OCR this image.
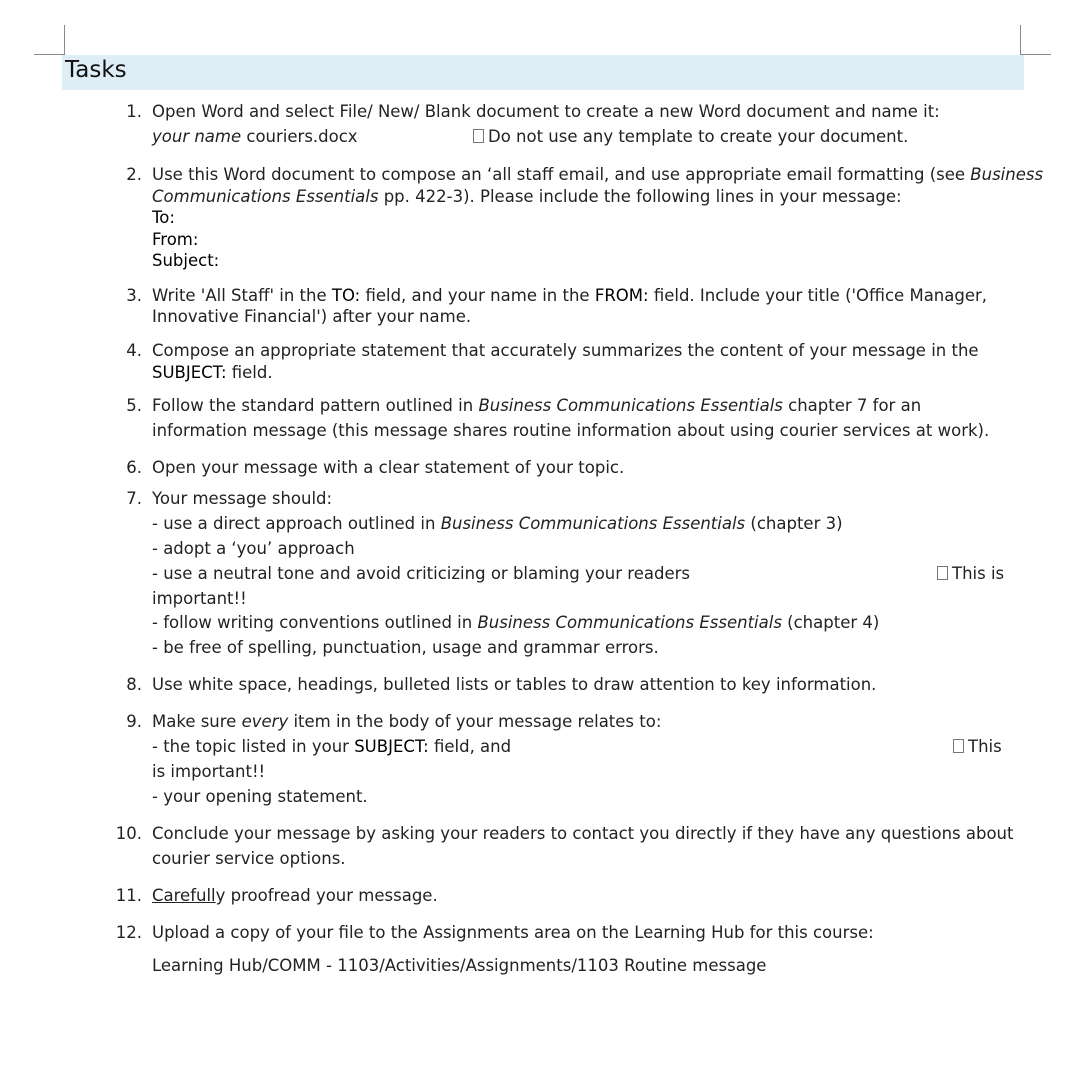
Tasks
1. Open Word and select File/ New/ Blank document to create a new Word document and name it:
your name couriers.docx	Do not use any template to create your document.
2. Use this Word document to compose an ‘all staff email, and use appropriate email formatting (see Business
Communications Essentials pp. 422-3). Please include the following lines in your message:
To:
From:
Subject:
3. Write 'All Staff' in the TO: field, and your name in the FROM: field. Include your title ('Office Manager,
Innovative Financial') after your name.
4. Compose an appropriate statement that accurately summarizes the content of your message in the
SUBJECT: field.
5. Follow the standard pattern outlined in Business Communications Essentials chapter 7 for an
information message (this message shares routine information about using courier services at work).
6. Open your message with a clear statement of your topic.
7. Your message should:
- use a direct approach outlined in Business Communications Essentials (chapter 3)
- adopt a ‘you’ approach
- use a neutral tone and avoid criticizing or blaming your readers	This is
important!!
- follow writing conventions outlined in Business Communications Essentials (chapter 4)
- be free of spelling, punctuation, usage and grammar errors.
8. Use white space, headings, bulleted lists or tables to draw attention to key information.
9. Make sure every item in the body of your message relates to:
- the topic listed in your SUBJECT: field, and	This
is important!!
- your opening statement.
10. Conclude your message by asking your readers to contact you directly if they have any questions about
courier service options.
11. Carefully proofread your message.
12. Upload a copy of your file to the Assignments area on the Learning Hub for this course:
Learning Hub/COMM - 1103/Activities/Assignments/1103 Routine message
